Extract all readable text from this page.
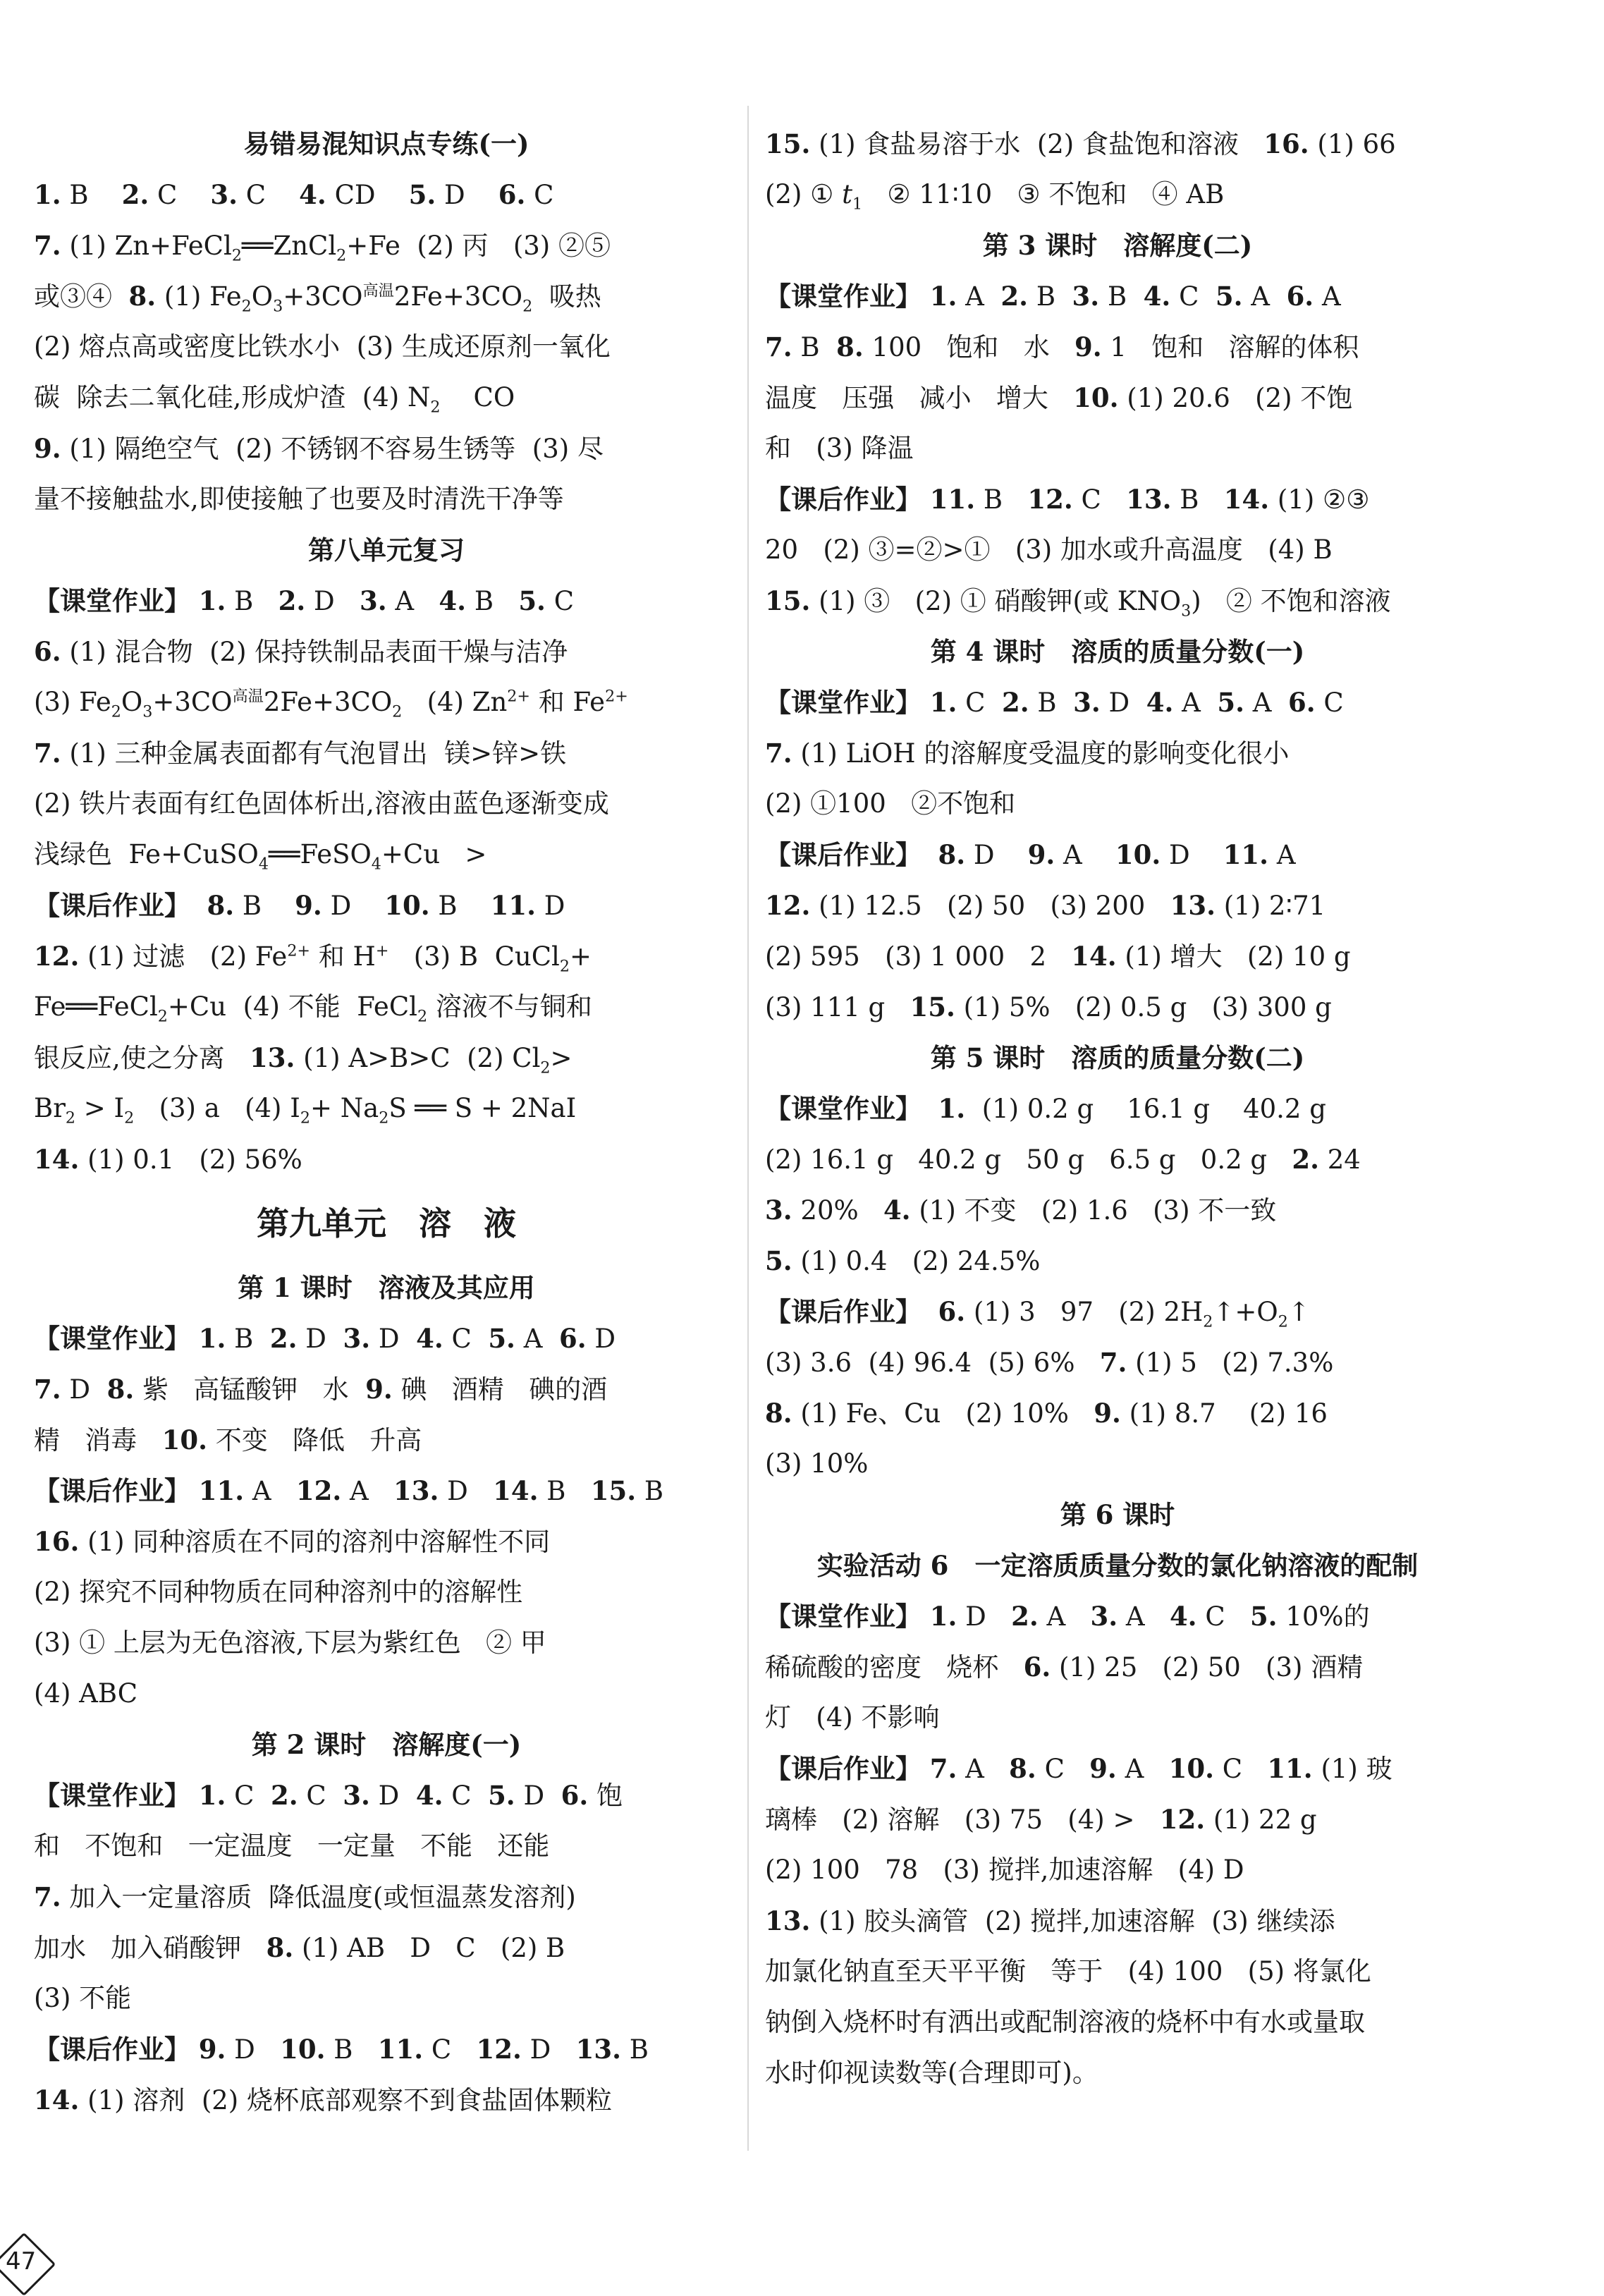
易错易混知识点专练(一)
1. B    2. C    3. C    4. CD    5. D    6. C
7. (1) Zn+FeCl$_2$══ZnCl$_2$+Fe  (2) 丙   (3) ②⑤
或③④  8. (1) $Fe_2O_3+3CO^{高温}2Fe+3CO_2$  吸热
(2) 熔点高或密度比铁水小  (3) 生成还原剂一氧化
碳  除去二氧化硅,形成炉渣  (4) $N_2$    CO
9. (1) 隔绝空气  (2) 不锈钢不容易生锈等  (3) 尽
量不接触盐水,即使接触了也要及时清洗干净等
第八单元复习
【课堂作业】 1. B   2. D   3. A   4. B   5. C
6. (1) 混合物  (2) 保持铁制品表面干燥与洁净
(3) $Fe_2O_3+3CO^{高温}2Fe+3CO_2$   (4) $Zn^{2+}$ 和 $Fe^{2+}$
7. (1) 三种金属表面都有气泡冒出  镁>锌>铁
(2) 铁片表面有红色固体析出,溶液由蓝色逐渐变成
浅绿色  Fe+CuSO$_4$══FeSO$_4$+Cu   >
【课后作业】 8. B    9. D    10. B    11. D
12. (1) 过滤   (2) $Fe^{2+}$ 和 H+   (3) B  CuCl$_2$+
Fe══FeCl$_2$+Cu  (4) 不能  FeCl$_2$ 溶液不与铜和
银反应,使之分离   13. (1) A>B>C  (2) $Cl_2>$
$Br_2 > I_2$   (3) a   (4) $I_2+ Na_2S$ ══ S + 2NaI
14. (1) 0.1   (2) 56%
第九单元　溶　液
第 1 课时　溶液及其应用
【课堂作业】 1. B  2. D  3. D  4. C  5. A  6. D
7. D  8. 紫   高锰酸钾   水  9. 碘   酒精   碘的酒
精   消毒   10. 不变   降低   升高
【课后作业】 11. A   12. A   13. D   14. B   15. B
16. (1) 同种溶质在不同的溶剂中溶解性不同
(2) 探究不同种物质在同种溶剂中的溶解性
(3) ① 上层为无色溶液,下层为紫红色   ② 甲
(4) ABC
第 2 课时　溶解度(一)
【课堂作业】 1. C  2. C  3. D  4. C  5. D  6. 饱
和   不饱和   一定温度   一定量   不能   还能
7. 加入一定量溶质  降低温度(或恒温蒸发溶剂)
加水   加入硝酸钾   8. (1) AB   D   C   (2) B
(3) 不能
【课后作业】 9. D   10. B   11. C   12. D   13. B
14. (1) 溶剂  (2) 烧杯底部观察不到食盐固体颗粒
15. (1) 食盐易溶于水  (2) 食盐饱和溶液   16. (1) 66
(2) ① $t_1$   ② 11∶10   ③ 不饱和   ④ AB
第 3 课时　溶解度(二)
【课堂作业】 1. A  2. B  3. B  4. C  5. A  6. A
7. B  8. 100   饱和   水   9. 1   饱和   溶解的体积
温度   压强   减小   增大   10. (1) 20.6   (2) 不饱
和   (3) 降温
【课后作业】 11. B   12. C   13. B   14. (1) ②③
20   (2) ③=②>①   (3) 加水或升高温度   (4) B
15. (1) ③   (2) ① 硝酸钾(或 $KNO_3$)   ② 不饱和溶液
第 4 课时　溶质的质量分数(一)
【课堂作业】 1. C  2. B  3. D  4. A  5. A  6. C
7. (1) LiOH 的溶解度受温度的影响变化很小
(2) ①100   ②不饱和
【课后作业】 8. D    9. A    10. D    11. A
12. (1) 12.5   (2) 50   (3) 200   13. (1) 2∶71
(2) 595   (3) 1 000   2   14. (1) 增大   (2) 10 g
(3) 111 g   15. (1) 5%   (2) 0.5 g   (3) 300 g
第 5 课时　溶质的质量分数(二)
【课堂作业】 1.  (1) 0.2 g    16.1 g    40.2 g
(2) 16.1 g   40.2 g   50 g   6.5 g   0.2 g   2. 24
3. 20%   4. (1) 不变   (2) 1.6   (3) 不一致
5. (1) 0.4   (2) 24.5%
【课后作业】 6. (1) 3   97   (2) $2H_2↑+O_2↑$
(3) 3.6  (4) 96.4  (5) 6%   7. (1) 5   (2) 7.3%
8. (1) Fe、Cu   (2) 10%   9. (1) 8.7    (2) 16
(3) 10%
第 6 课时
实验活动 6　一定溶质质量分数的氯化钠溶液的配制
【课堂作业】 1. D   2. A   3. A   4. C   5. 10%的
稀硫酸的密度   烧杯   6. (1) 25   (2) 50   (3) 酒精
灯   (4) 不影响
【课后作业】 7. A   8. C   9. A   10. C   11. (1) 玻
璃棒   (2) 溶解   (3) 75   (4) >   12. (1) 22 g
(2) 100   78   (3) 搅拌,加速溶解   (4) D
13. (1) 胶头滴管  (2) 搅拌,加速溶解  (3) 继续添
加氯化钠直至天平平衡   等于   (4) 100   (5) 将氯化
钠倒入烧杯时有洒出或配制溶液的烧杯中有水或量取
水时仰视读数等(合理即可)。
47
